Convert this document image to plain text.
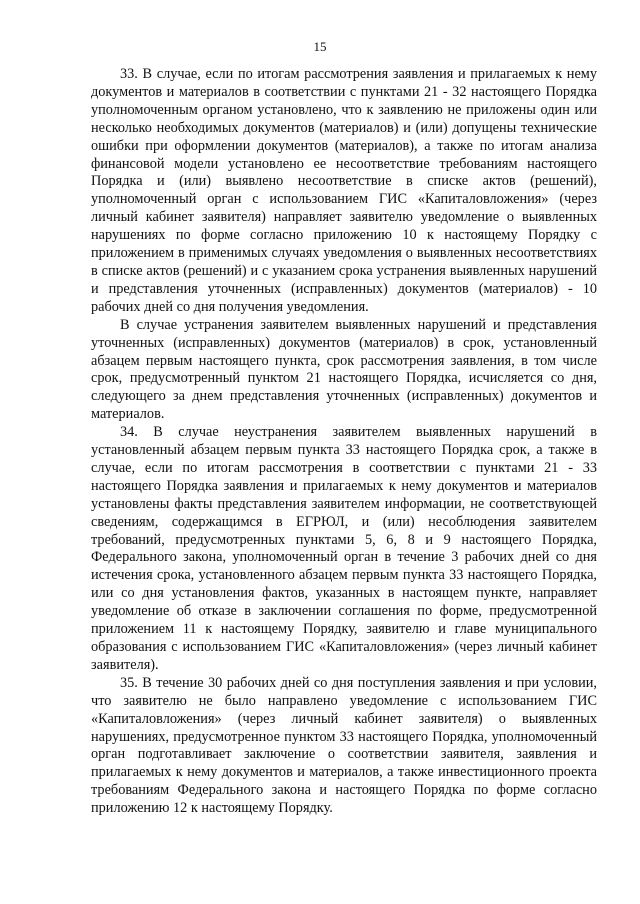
15

33. В случае, если по итогам рассмотрения заявления и прилагаемых к нему документов и материалов в соответствии с пунктами 21 - 32 настоящего Порядка уполномоченным органом установлено, что к заявлению не приложены один или несколько необходимых документов (материалов) и (или) допущены технические ошибки при оформлении документов (материалов), а также по итогам анализа финансовой модели установлено ее несоответствие требованиям настоящего Порядка и (или) выявлено несоответствие в списке актов (решений), уполномоченный орган с использованием ГИС «Капиталовложения» (через личный кабинет заявителя) направляет заявителю уведомление о выявленных нарушениях по форме согласно приложению 10 к настоящему Порядку с приложением в применимых случаях уведомления о выявленных несоответствиях в списке актов (решений) и с указанием срока устранения выявленных нарушений и представления уточненных (исправленных) документов (материалов) - 10 рабочих дней со дня получения уведомления.

В случае устранения заявителем выявленных нарушений и представления уточненных (исправленных) документов (материалов) в срок, установленный абзацем первым настоящего пункта, срок рассмотрения заявления, в том числе срок, предусмотренный пунктом 21 настоящего Порядка, исчисляется со дня, следующего за днем представления уточненных (исправленных) документов и материалов.

34. В случае неустранения заявителем выявленных нарушений в установленный абзацем первым пункта 33 настоящего Порядка срок, а также в случае, если по итогам рассмотрения в соответствии с пунктами 21 - 33 настоящего Порядка заявления и прилагаемых к нему документов и материалов установлены факты представления заявителем информации, не соответствующей сведениям, содержащимся в ЕГРЮЛ, и (или) несоблюдения заявителем требований, предусмотренных пунктами 5, 6, 8 и 9 настоящего Порядка, Федерального закона, уполномоченный орган в течение 3 рабочих дней со дня истечения срока, установленного абзацем первым пункта 33 настоящего Порядка, или со дня установления фактов, указанных в настоящем пункте, направляет уведомление об отказе в заключении соглашения по форме, предусмотренной приложением 11 к настоящему Порядку, заявителю и главе муниципального образования с использованием ГИС «Капиталовложения» (через личный кабинет заявителя).

35. В течение 30 рабочих дней со дня поступления заявления и при условии, что заявителю не было направлено уведомление с использованием ГИС «Капиталовложения» (через личный кабинет заявителя) о выявленных нарушениях, предусмотренное пунктом 33 настоящего Порядка, уполномоченный орган подготавливает заключение о соответствии заявителя, заявления и прилагаемых к нему документов и материалов, а также инвестиционного проекта требованиям Федерального закона и настоящего Порядка по форме согласно приложению 12 к настоящему Порядку.
